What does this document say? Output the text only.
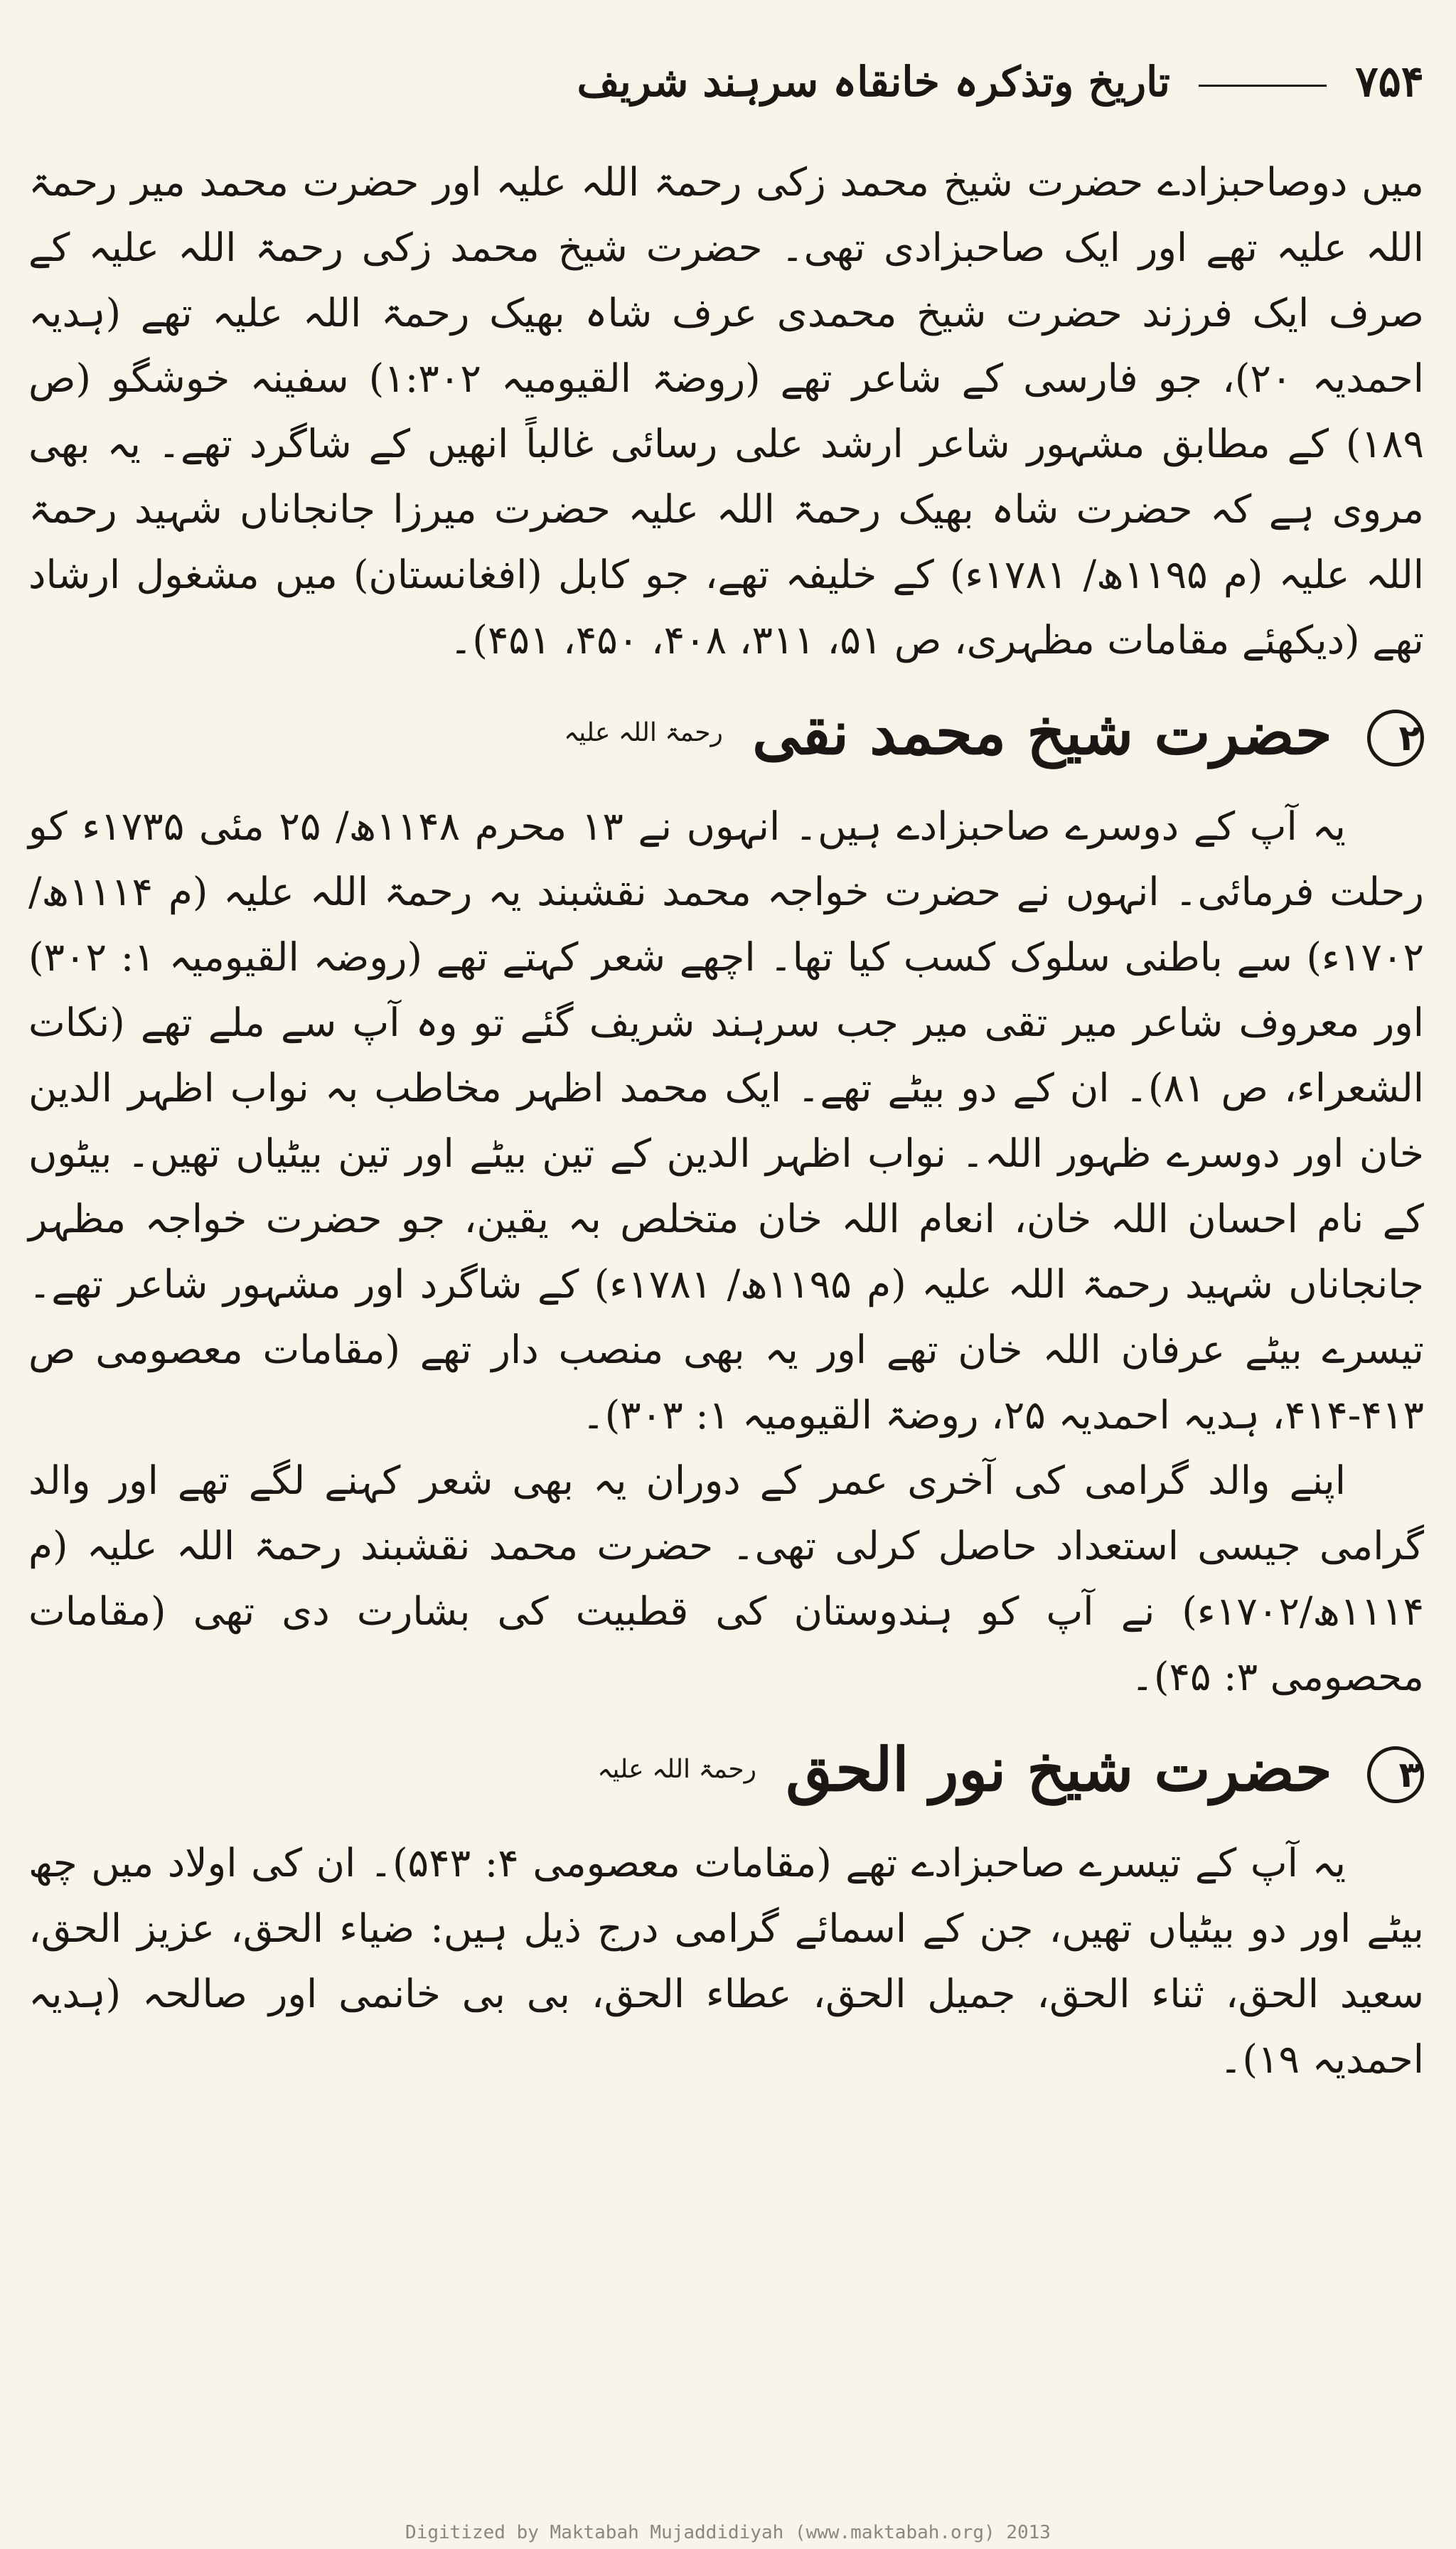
۷۵۴  تاریخ وتذکرہ خانقاہ سرہند شریف

میں دوصاحبزادے حضرت شیخ محمد زکی رحمۃ اللہ علیہ اور حضرت محمد میر رحمۃ اللہ علیہ تھے اور ایک صاحبزادی تھی۔ حضرت شیخ محمد زکی رحمۃ اللہ علیہ کے صرف ایک فرزند حضرت شیخ محمدی عرف شاہ بھیک رحمۃ اللہ علیہ تھے (ہدیہ احمدیہ ۲۰)، جو فارسی کے شاعر تھے (روضۃ القیومیہ ۱:۳۰۲) سفینہ خوشگو (ص ۱۸۹) کے مطابق مشہور شاعر ارشد علی رسائی غالباً انھیں کے شاگرد تھے۔ یہ بھی مروی ہے کہ حضرت شاہ بھیک رحمۃ اللہ علیہ حضرت میرزا جانجاناں شہید رحمۃ اللہ علیہ (م ۱۱۹۵ھ/ ۱۷۸۱ء) کے خلیفہ تھے، جو کابل (افغانستان) میں مشغول ارشاد تھے (دیکھئے مقامات مظہری، ص ۵۱، ۳۱۱، ۴۰۸، ۴۵۰، ۴۵۱)۔

۲ حضرت شیخ محمد نقی $^{رحمۃ اللہ علیہ}$

یہ آپ کے دوسرے صاحبزادے ہیں۔ انہوں نے ۱۳ محرم ۱۱۴۸ھ/ ۲۵ مئی ۱۷۳۵ء کو رحلت فرمائی۔ انہوں نے حضرت خواجہ محمد نقشبند یہ رحمۃ اللہ علیہ (م ۱۱۱۴ھ/۱۷۰۲ء) سے باطنی سلوک کسب کیا تھا۔ اچھے شعر کہتے تھے (روضہ القیومیہ ۱: ۳۰۲) اور معروف شاعر میر تقی میر جب سرہند شریف گئے تو وہ آپ سے ملے تھے (نکات الشعراء، ص ۸۱)۔ ان کے دو بیٹے تھے۔ ایک محمد اظہر مخاطب بہ نواب اظہر الدین خان اور دوسرے ظہور اللہ۔ نواب اظہر الدین کے تین بیٹے اور تین بیٹیاں تھیں۔ بیٹوں کے نام احسان اللہ خان، انعام اللہ خان متخلص بہ یقین، جو حضرت خواجہ مظہر جانجاناں شہید رحمۃ اللہ علیہ (م ۱۱۹۵ھ/ ۱۷۸۱ء) کے شاگرد اور مشہور شاعر تھے۔ تیسرے بیٹے عرفان اللہ خان تھے اور یہ بھی منصب دار تھے (مقامات معصومی ص ۴۱۳-۴۱۴، ہدیہ احمدیہ ۲۵، روضۃ القیومیہ ۱: ۳۰۳)۔

اپنے والد گرامی کی آخری عمر کے دوران یہ بھی شعر کہنے لگے تھے اور والد گرامی جیسی استعداد حاصل کرلی تھی۔ حضرت محمد نقشبند رحمۃ اللہ علیہ (م ۱۱۱۴ھ/۱۷۰۲ء) نے آپ کو ہندوستان کی قطبیت کی بشارت دی تھی (مقامات محصومی ۳: ۴۵)۔

۳ حضرت شیخ نور الحق $^{رحمۃ اللہ علیہ}$

یہ آپ کے تیسرے صاحبزادے تھے (مقامات معصومی ۴: ۵۴۳)۔ ان کی اولاد میں چھ بیٹے اور دو بیٹیاں تھیں، جن کے اسمائے گرامی درج ذیل ہیں: ضیاء الحق، عزیز الحق، سعید الحق، ثناء الحق، جمیل الحق، عطاء الحق، بی بی خانمی اور صالحہ (ہدیہ احمدیہ ۱۹)۔

Digitized by Maktabah Mujaddidiyah (www.maktabah.org) 2013
